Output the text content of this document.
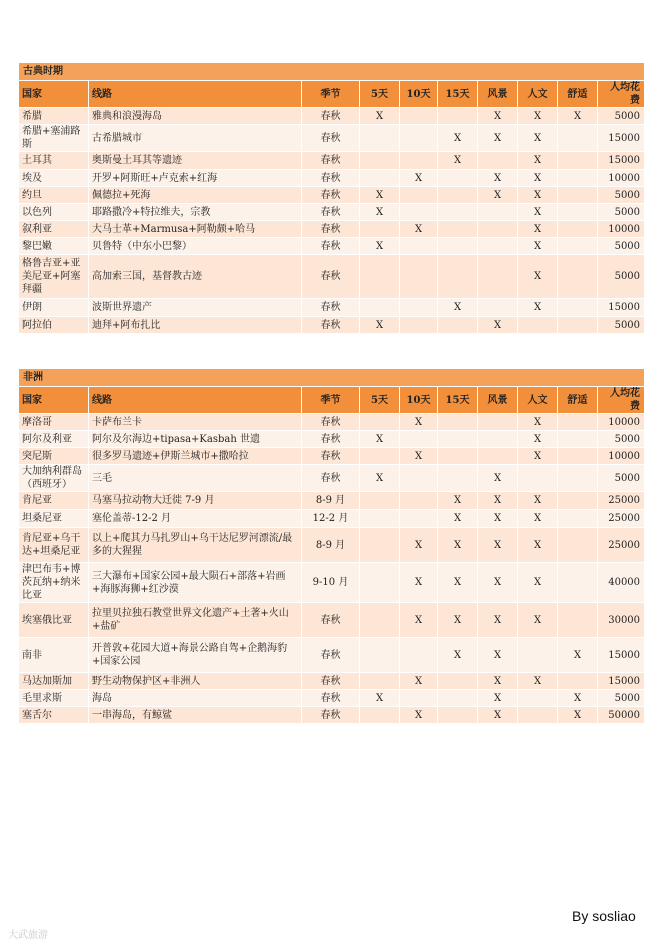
古典时期									
国家	线路	季节	5天	10天	15天	风景	人文	舒适	人均花费
希腊	雅典和浪漫海岛	春秋	X			X	X	X	5000
希腊+塞浦路斯	古希腊城市	春秋			X	X	X		15000
土耳其	奥斯曼土耳其等遗迹	春秋			X		X		15000
埃及	开罗+阿斯旺+卢克索+红海	春秋		X		X	X		10000
约旦	佩德拉+死海	春秋	X			X	X		5000
以色列	耶路撒冷+特拉维夫，宗教	春秋	X				X		5000
叙利亚	大马士革+Marmusa+阿勒颇+哈马	春秋		X			X		10000
黎巴嫩	贝鲁特（中东小巴黎）	春秋	X				X		5000
格鲁吉亚+亚美尼亚+阿塞拜疆	高加索三国，基督教古迹	春秋					X		5000
伊朗	波斯世界遗产	春秋			X		X		15000
阿拉伯	迪拜+阿布扎比	春秋	X			X			5000
非洲									
国家	线路	季节	5天	10天	15天	风景	人文	舒适	人均花费
摩洛哥	卡萨布兰卡	春秋		X			X		10000
阿尔及利亚	阿尔及尔海边+tipasa+Kasbah 世遗	春秋	X				X		5000
突尼斯	很多罗马遗迹+伊斯兰城市+撒哈拉	春秋		X			X		10000
大加纳利群岛（西班牙）	三毛	春秋	X			X			5000
肯尼亚	马塞马拉动物大迁徙 7-9 月	8-9 月			X	X	X		25000
坦桑尼亚	塞伦盖蒂-12-2 月	12-2 月			X	X	X		25000
肯尼亚+乌干达+坦桑尼亚	以上+爬其力马扎罗山+乌干达尼罗河漂流/最多的大猩猩	8-9 月		X	X	X	X		25000
津巴布韦+博茨瓦纳+纳米比亚	三大瀑布+国家公园+最大陨石+部落+岩画+海豚海狮+红沙漠	9-10 月		X	X	X	X		40000
埃塞俄比亚	拉里贝拉独石教堂世界文化遗产+土著+火山+盐矿	春秋		X	X	X	X		30000
南非	开普敦+花园大道+海景公路自驾+企鹅海豹+国家公园	春秋			X	X		X	15000
马达加斯加	野生动物保护区+非洲人	春秋		X		X	X		15000
毛里求斯	海岛	春秋	X			X		X	5000
塞舌尔	一串海岛，有鲸鲨	春秋		X		X		X	50000
By sosliao
大武旅游
